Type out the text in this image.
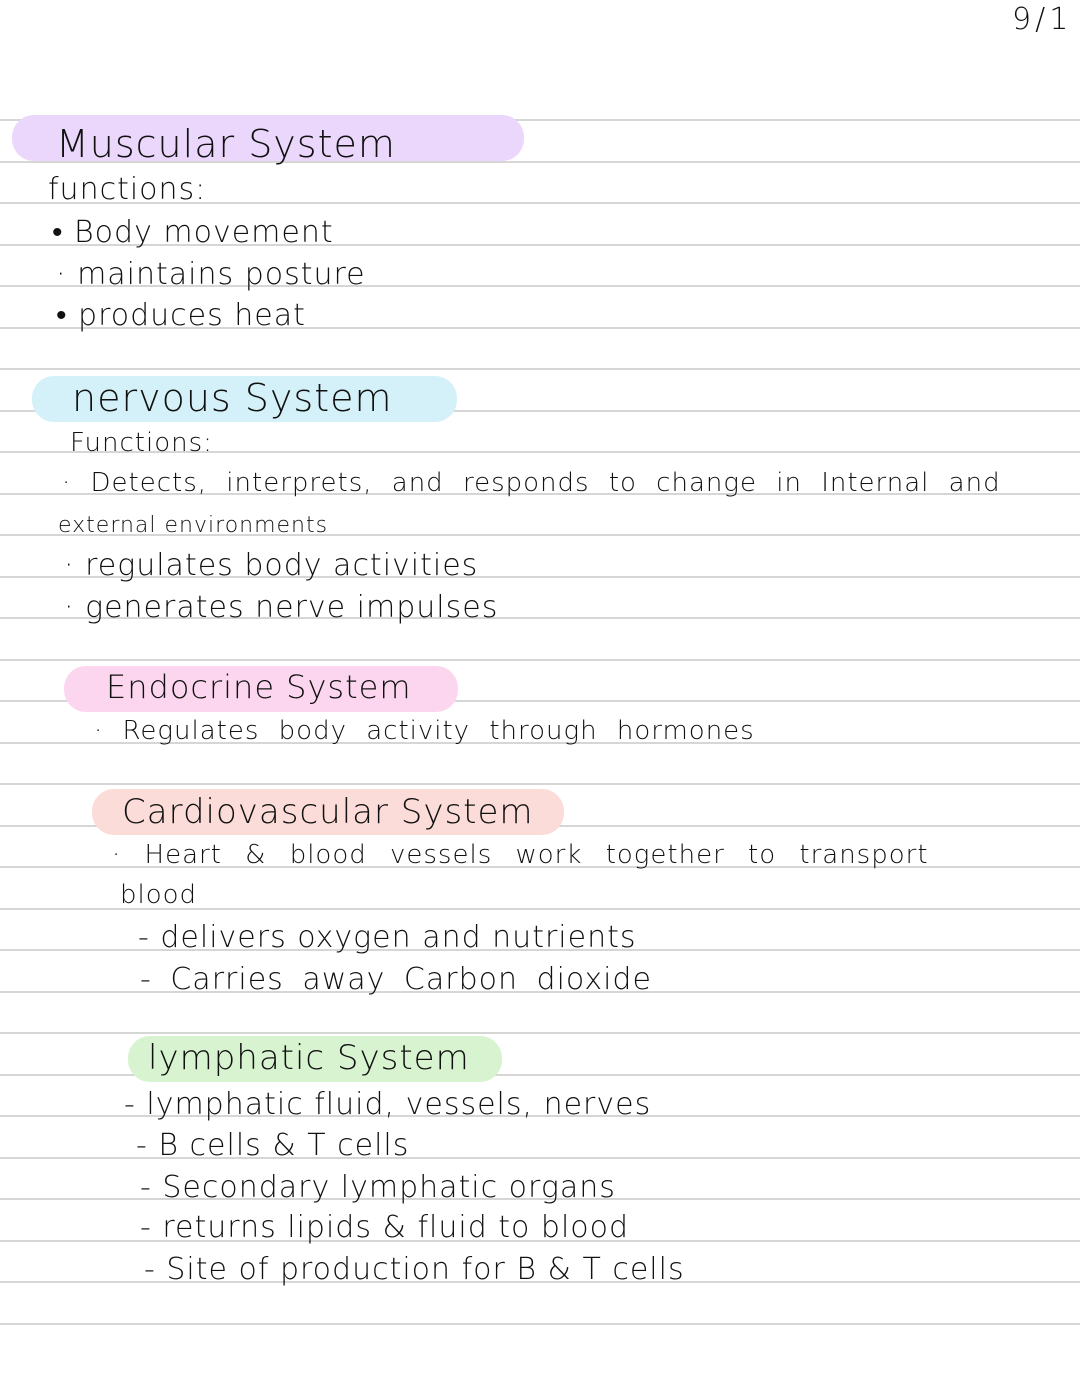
9/1
Muscular System
functions:
• Body movement
· maintains posture
• produces heat
nervous System
Functions:
· Detects, interprets, and responds to change in Internal and
external environments
· regulates body activities
· generates nerve impulses
Endocrine System
· Regulates body activity through hormones
Cardiovascular System
· Heart & blood vessels work together to transport
blood
- delivers oxygen and nutrients
- Carries away Carbon dioxide
lymphatic System
- lymphatic fluid, vessels, nerves
- B cells & T cells
- Secondary lymphatic organs
- returns lipids & fluid to blood
- Site of production for B & T cells
